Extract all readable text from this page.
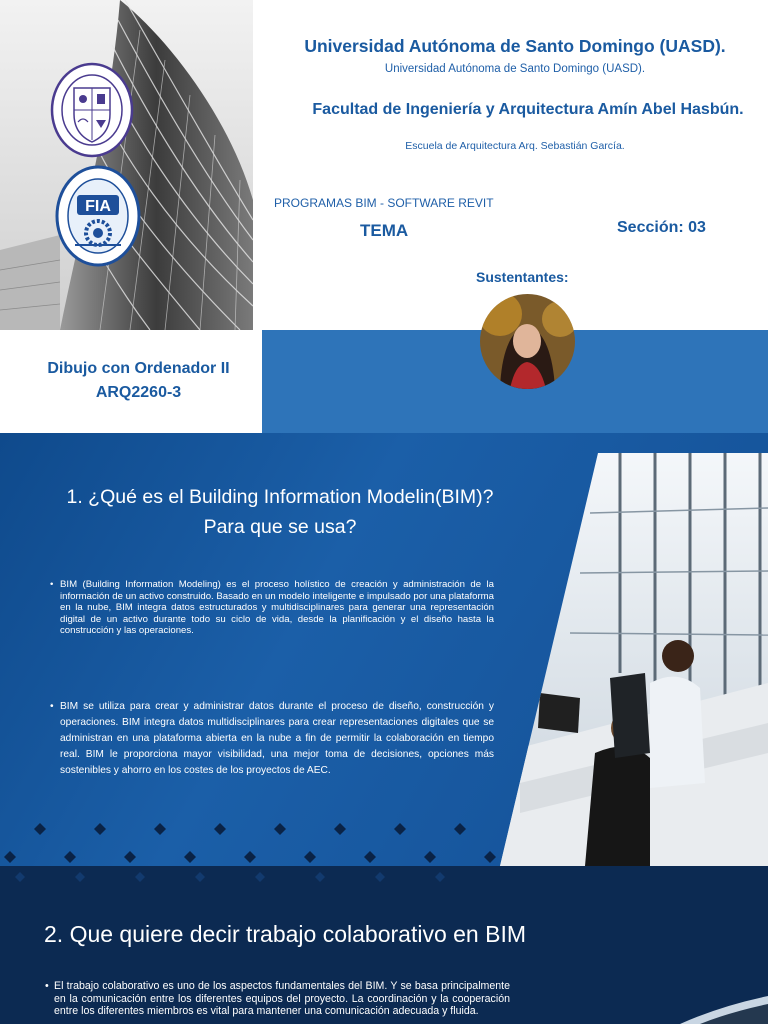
FIA
Universidad Autónoma de Santo Domingo (UASD).
Universidad Autónoma de Santo Domingo (UASD).
Facultad de Ingeniería y Arquitectura Amín Abel Hasbún.
Escuela de Arquitectura Arq. Sebastián García.
PROGRAMAS BIM - SOFTWARE REVIT
TEMA	Sección: 03
Sustentantes:
Dibujo con Ordenador II
ARQ2260-3
1. ¿Qué es el Building Information Modelin(BIM)?
Para que se usa?
• BIM (Building Information Modeling) es el proceso holístico de creación y administración de la información de un activo construido. Basado en un modelo inteligente e impulsado por una plataforma en la nube, BIM integra datos estructurados y multidisciplinares para generar una representación digital de un activo durante todo su ciclo de vida, desde la planificación y el diseño hasta la construcción y las operaciones.
• BIM se utiliza para crear y administrar datos durante el proceso de diseño, construcción y operaciones. BIM integra datos multidisciplinares para crear representaciones digitales que se administran en una plataforma abierta en la nube a fin de permitir la colaboración en tiempo real. BIM le proporciona mayor visibilidad, una mejor toma de decisiones, opciones más sostenibles y ahorro en los costes de los proyectos de AEC.
2. Que quiere decir trabajo colaborativo en BIM
• El trabajo colaborativo es uno de los aspectos fundamentales del BIM. Y se basa principalmente en la comunicación entre los diferentes equipos del proyecto. La coordinación y la cooperación entre los diferentes miembros es vital para mantener una comunicación adecuada y fluida.
